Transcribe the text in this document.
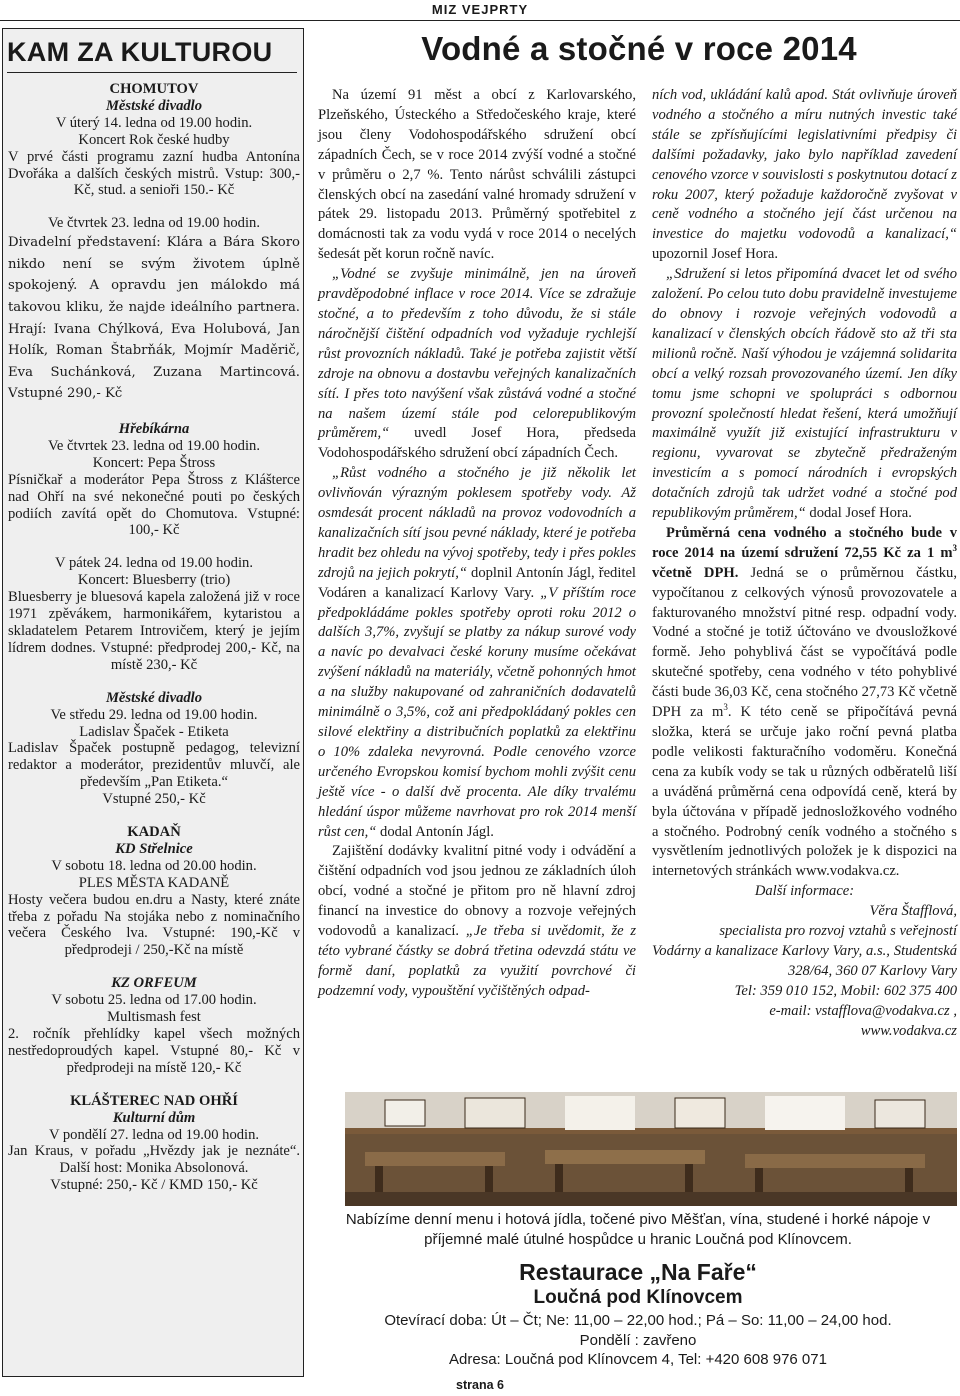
MIZ VEJPRTY
KAM ZA KULTUROU

CHOMUTOV

Městské divadlo

V úterý 14. ledna od 19.00 hodin.

Koncert Rok české hudby

V prvé části programu zazní hudba Antonína Dvořáka a dalších českých mistrů. Vstup: 300,- Kč, stud. a senioři 150.- Kč

Ve čtvrtek 23. ledna od 19.00 hodin.

Divadelní představení: Klára a Bára Skoro nikdo není se svým životem úplně spokojený. A opravdu jen málokdo má takovou kliku, že najde ideálního partnera. Hrají: Ivana Chýlková, Eva Holubová, Jan Holík, Roman Štabrňák, Mojmír Maděrič, Eva Suchánková, Zuzana Martincová. Vstupné 290,- Kč

Hřebíkárna

Ve čtvrtek 23. ledna od 19.00 hodin.

Koncert: Pepa Štross

Písničkař a moderátor Pepa Štross z Klášterce nad Ohří na své nekonečné pouti po českých podiích zavítá opět do Chomutova. Vstupné: 100,- Kč

V pátek 24. ledna od 19.00 hodin.

Koncert: Bluesberry (trio)

Bluesberry je bluesová kapela založená již v roce 1971 zpěvákem, harmonikářem, kytaristou a skladatelem Petarem Introvičem, který je jejím lídrem dodnes. Vstupné: předprodej 200,- Kč, na místě 230,- Kč

Městské divadlo

Ve středu 29. ledna od 19.00 hodin.

Ladislav Špaček - Etiketa

Ladislav Špaček postupně pedagog, televizní redaktor a moderátor, prezidentův mluvčí, ale především „Pan Etiketa.“

Vstupné 250,- Kč

KADAŇ

KD Střelnice

V sobotu 18. ledna od 20.00 hodin.

PLES MĚSTA KADANĚ

Hosty večera budou en.dru a Nasty, které znáte třeba z pořadu Na stojáka nebo z nominačního večera Českého lva. Vstupné: 190,-Kč v předprodeji / 250,-Kč na místě

KZ ORFEUM

V sobotu 25. ledna od 17.00 hodin.

Multismash fest

2. ročník přehlídky kapel všech možných nestředoproudých kapel. Vstupné 80,- Kč v předprodeji na místě 120,- Kč

KLÁŠTEREC NAD OHŘÍ

Kulturní dům

V pondělí 27. ledna od 19.00 hodin.

Jan Kraus, v pořadu „Hvězdy jak je neznáte“. Další host: Monika Absolonová.

Vstupné: 250,- Kč / KMD 150,- Kč

Vodné a stočné v roce 2014

Na území 91 měst a obcí z Karlovarského, Plzeňského, Ústeckého a Středočeského kraje, které jsou členy Vodohospodářského sdružení obcí západních Čech, se v roce 2014 zvýší vodné a stočné v průměru o 2,7 %. Tento nárůst schválili zástupci členských obcí na zasedání valné hromady sdružení v pátek 29. listopadu 2013. Průměrný spotřebitel z domácnosti tak za vodu vydá v roce 2014 o necelých šedesát pět korun ročně navíc.

„Vodné se zvyšuje minimálně, jen na úroveň pravděpodobné inflace v roce 2014. Více se zdražuje stočné, a to především z toho důvodu, že si stále náročnější čištění odpadních vod vyžaduje rychlejší růst provozních nákladů. Také je potřeba zajistit větší zdroje na obnovu a dostavbu veřejných kanalizačních sítí. I přes toto navýšení však zůstává vodné a stočné na našem území stále pod celorepublikovým průměrem,“ uvedl Josef Hora, předseda Vodohospodářského sdružení obcí západních Čech.

„Růst vodného a stočného je již několik let ovlivňován výrazným poklesem spotřeby vody. Až osmdesát procent nákladů na provoz vodovodních a kanalizačních sítí jsou pevné náklady, které je potřeba hradit bez ohledu na vývoj spotřeby, tedy i přes pokles zdrojů na jejich pokrytí,“ doplnil Antonín Jágl, ředitel Vodáren a kanalizací Karlovy Vary. „V příštím roce předpokládáme pokles spotřeby oproti roku 2012 o dalších 3,7%, zvyšují se platby za nákup surové vody a navíc po devalvaci české koruny musíme očekávat zvýšení nákladů na materiály, včetně pohonných hmot a na služby nakupované od zahraničních dodavatelů minimálně o 3,5%, což ani předpokládaný pokles cen silové elektřiny a distribučních poplatků za elektřinu o 10% zdaleka nevyrovná. Podle cenového vzorce určeného Evropskou komisí bychom mohli zvýšit cenu ještě více - o další dvě procenta. Ale díky trvalému hledání úspor můžeme navrhovat pro rok 2014 menší růst cen,“ dodal Antonín Jágl.

Zajištění dodávky kvalitní pitné vody i odvádění a čištění odpadních vod jsou jednou ze základních úloh obcí, vodné a stočné je přitom pro ně hlavní zdroj financí na investice do obnovy a rozvoje veřejných vodovodů a kanalizací. „Je třeba si uvědomit, že z této vybrané částky se dobrá třetina odevzdá státu ve formě daní, poplatků za využití povrchové či podzemní vody, vypouštění vyčištěných odpad-

ních vod, ukládání kalů apod. Stát ovlivňuje úroveň vodného a stočného a míru nutných investic také stále se zpřísňujícími legislativními předpisy či dalšími požadavky, jako bylo například zavedení cenového vzorce v souvislosti s poskytnutou dotací z roku 2007, který požaduje každoročně zvyšovat v ceně vodného a stočného její část určenou na investice do majetku vodovodů a kanalizací,“ upozornil Josef Hora.

„Sdružení si letos připomíná dvacet let od svého založení. Po celou tuto dobu pravidelně investujeme do obnovy i rozvoje veřejných vodovodů a kanalizací v členských obcích řádově sto až tři sta milionů ročně. Naší výhodou je vzájemná solidarita obcí a velký rozsah provozovaného území. Jen díky tomu jsme schopni ve spolupráci s odbornou provozní společností hledat řešení, která umožňují maximálně využít již existující infrastrukturu v regionu, vyvarovat se zbytečně předraženým investicím a s pomocí národních i evropských dotačních zdrojů tak udržet vodné a stočné pod republikovým průměrem,“ dodal Josef Hora.

Průměrná cena vodného a stočného bude v roce 2014 na území sdružení 72,55 Kč za 1 $m^3$ včetně DPH. Jedná se o průměrnou částku, vypočítanou z celkových výnosů provozovatele a fakturovaného množství pitné resp. odpadní vody. Vodné a stočné je totiž účtováno ve dvousložkové formě. Jeho pohyblivá část se vypočítává podle skutečné spotřeby, cena vodného v této pohyblivé části bude 36,03 Kč, cena stočného 27,73 Kč včetně DPH za $m^3$. K této ceně se připočítává pevná složka, která se určuje jako roční pevná platba podle velikosti fakturačního vodoměru. Konečná cena za kubík vody se tak u různých odběratelů liší a uváděná průměrná cena odpovídá ceně, která by byla účtována v případě jednosložkového vodného a stočného. Podrobný ceník vodného a stočného s vysvětlením jednotlivých položek je k dispozici na internetových stránkách www.vodakva.cz.

Další informace:

Věra Štafflová,

specialista pro rozvoj vztahů s veřejností

Vodárny a kanalizace Karlovy Vary, a.s., Studentská 328/64, 360 07 Karlovy Vary

Tel: 359 010 152, Mobil: 602 375 400

e-mail: vstafflova@vodakva.cz ,

www.vodakva.cz

Nabízíme denní menu i hotová jídla, točené pivo Měšťan, vína, studené i horké nápoje v příjemné malé útulné hospůdce u hranic Loučná pod Klínovcem.
Restaurace „Na Faře“
Loučná pod Klínovcem
Otevírací doba: Út – Čt; Ne: 11,00 – 22,00 hod.; Pá – So: 11,00 – 24,00 hod.
Pondělí : zavřeno
Adresa: Loučná pod Klínovcem 4, Tel: +420 608 976 071
strana 6
